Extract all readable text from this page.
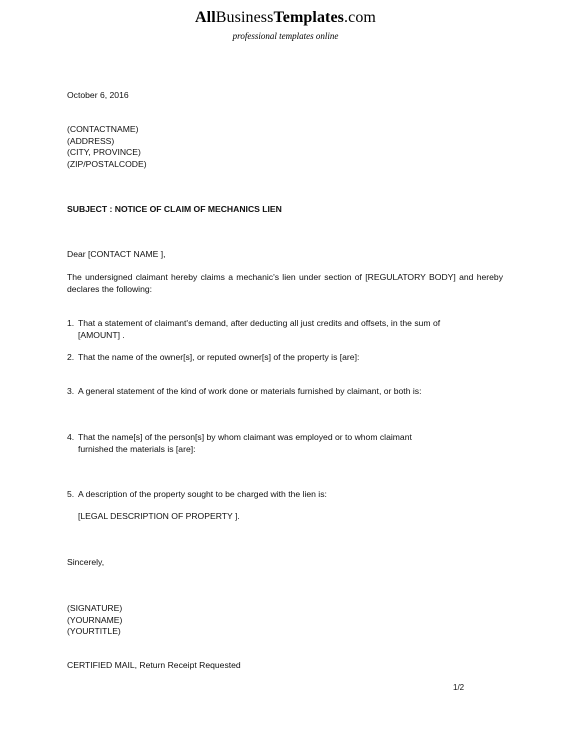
AllBusinessTemplates.com
professional templates online
October 6, 2016
(CONTACTNAME)
(ADDRESS)
(CITY, PROVINCE)
(ZIP/POSTALCODE)
SUBJECT : NOTICE OF CLAIM OF MECHANICS LIEN
Dear [CONTACT NAME ],
The undersigned claimant hereby claims a mechanic's lien under section of [REGULATORY BODY] and hereby declares the following:
1. That a statement of claimant's demand, after deducting all just credits and offsets, in the sum of
[AMOUNT] .
2. That the name of the owner[s], or reputed owner[s] of the property is [are]:
3. A general statement of the kind of work done or materials furnished by claimant, or both is:
4. That the name[s] of the person[s] by whom claimant was employed or to whom claimant
furnished the materials is [are]:
5. A description of the property sought to be charged with the lien is:
[LEGAL DESCRIPTION OF PROPERTY ].
Sincerely,
(SIGNATURE)
(YOURNAME)
(YOURTITLE)
CERTIFIED MAIL, Return Receipt Requested
1/2
